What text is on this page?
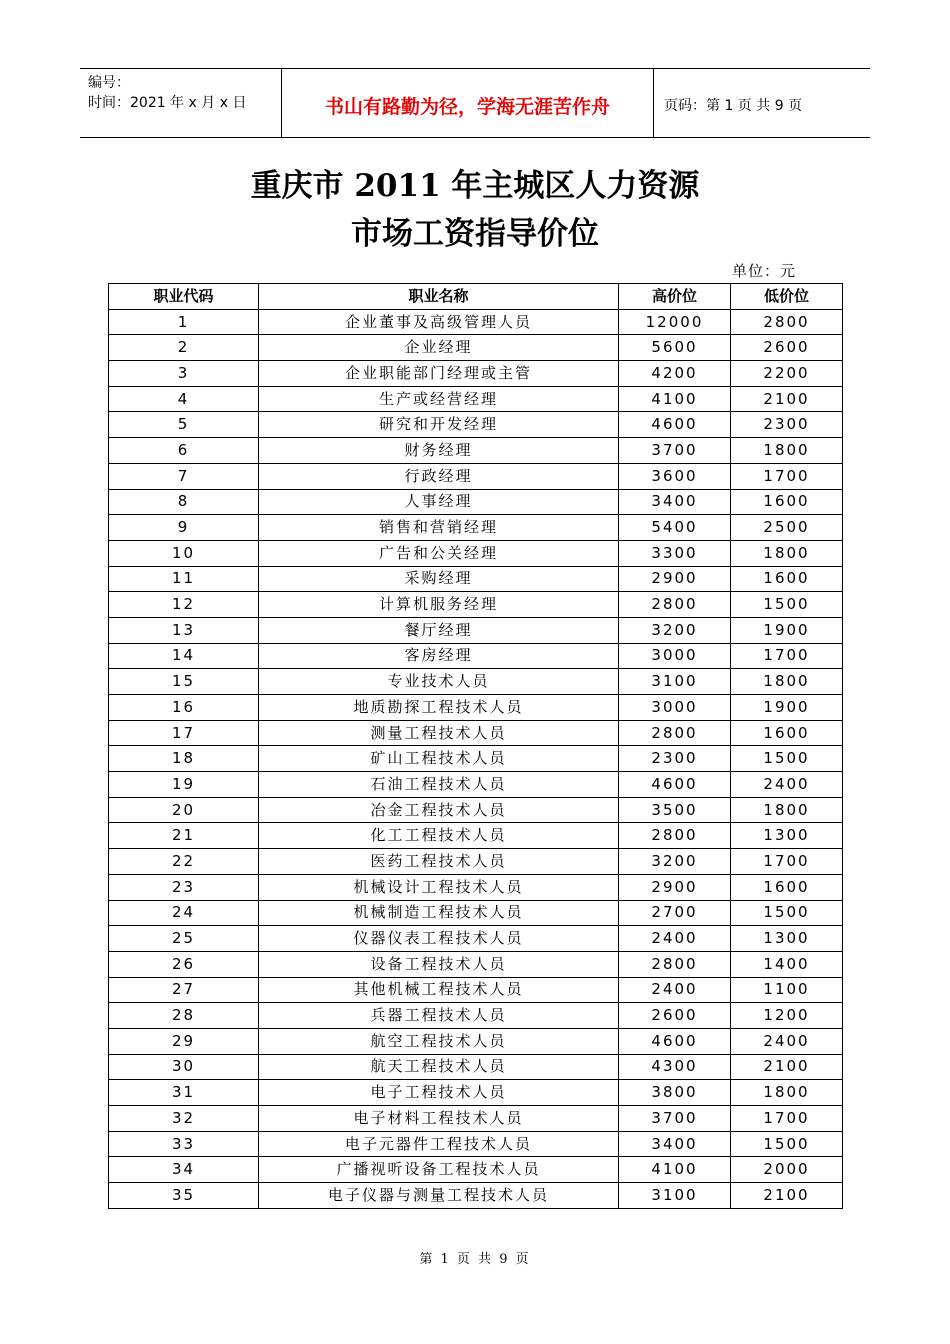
编号：
时间：2021 年 x 月 x 日	书山有路勤为径，学海无涯苦作舟	页码：第 1 页 共 9 页
重庆市 2011 年主城区人力资源
市场工资指导价位
单位：元
职业代码	职业名称	高价位	低价位
1	企业董事及高级管理人员	12000	2800
2	企业经理	5600	2600
3	企业职能部门经理或主管	4200	2200
4	生产或经营经理	4100	2100
5	研究和开发经理	4600	2300
6	财务经理	3700	1800
7	行政经理	3600	1700
8	人事经理	3400	1600
9	销售和营销经理	5400	2500
10	广告和公关经理	3300	1800
11	采购经理	2900	1600
12	计算机服务经理	2800	1500
13	餐厅经理	3200	1900
14	客房经理	3000	1700
15	专业技术人员	3100	1800
16	地质勘探工程技术人员	3000	1900
17	测量工程技术人员	2800	1600
18	矿山工程技术人员	2300	1500
19	石油工程技术人员	4600	2400
20	冶金工程技术人员	3500	1800
21	化工工程技术人员	2800	1300
22	医药工程技术人员	3200	1700
23	机械设计工程技术人员	2900	1600
24	机械制造工程技术人员	2700	1500
25	仪器仪表工程技术人员	2400	1300
26	设备工程技术人员	2800	1400
27	其他机械工程技术人员	2400	1100
28	兵器工程技术人员	2600	1200
29	航空工程技术人员	4600	2400
30	航天工程技术人员	4300	2100
31	电子工程技术人员	3800	1800
32	电子材料工程技术人员	3700	1700
33	电子元器件工程技术人员	3400	1500
34	广播视听设备工程技术人员	4100	2000
35	电子仪器与测量工程技术人员	3100	2100
第 1 页 共 9 页
